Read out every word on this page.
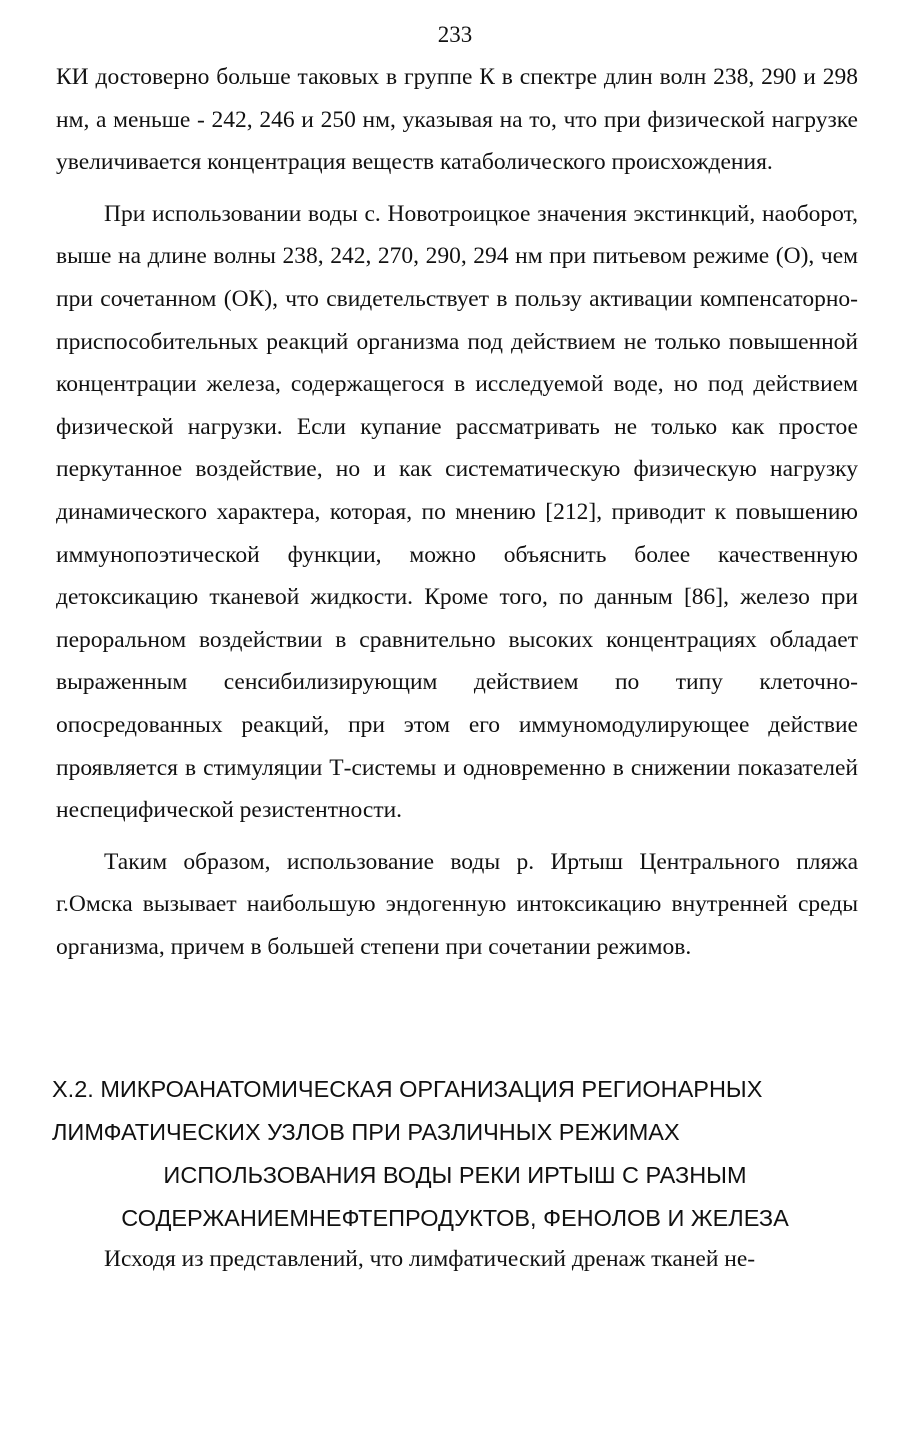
233

КИ достоверно больше таковых в группе К в спектре длин волн 238, 290 и 298 нм, а меньше - 242, 246 и 250 нм, указывая на то, что при физической нагрузке увеличивается концентрация веществ катаболического происхождения.

При использовании воды с. Новотроицкое значения экстинкций, наоборот, выше на длине волны 238, 242, 270, 290, 294 нм при питьевом режиме (О), чем при сочетанном (ОК), что свидетельствует в пользу активации компенсаторно-приспособительных реакций организма под действием не только повышенной концентрации железа, содержащегося в исследуемой воде, но под действием физической нагрузки. Если купание рассматривать не только как простое перкутанное воздействие, но и как систематическую физическую нагрузку динамического характера, которая, по мнению [212], приводит к повышению иммунопоэтической функции, можно объяснить более качественную детоксикацию тканевой жидкости. Кроме того, по данным [86], железо при пероральном воздействии в сравнительно высоких концентрациях обладает выраженным сенсибилизирующим действием по типу клеточно-опосредованных реакций, при этом его иммуномодулирующее действие проявляется в стимуляции Т-системы и одновременно в снижении показателей неспецифической резистентности.

Таким образом, использование воды р. Иртыш Центрального пляжа г.Омска вызывает наибольшую эндогенную интоксикацию внутренней среды организма, причем в большей степени при сочетании режимов.

X.2. МИКРОАНАТОМИЧЕСКАЯ ОРГАНИЗАЦИЯ РЕГИОНАРНЫХ
ЛИМФАТИЧЕСКИХ УЗЛОВ ПРИ РАЗЛИЧНЫХ РЕЖИМАХ
ИСПОЛЬЗОВАНИЯ ВОДЫ РЕКИ ИРТЫШ С РАЗНЫМ
СОДЕРЖАНИЕМНЕФТЕПРОДУКТОВ, ФЕНОЛОВ И ЖЕЛЕЗА
Исходя из представлений, что лимфатический дренаж тканей не-
